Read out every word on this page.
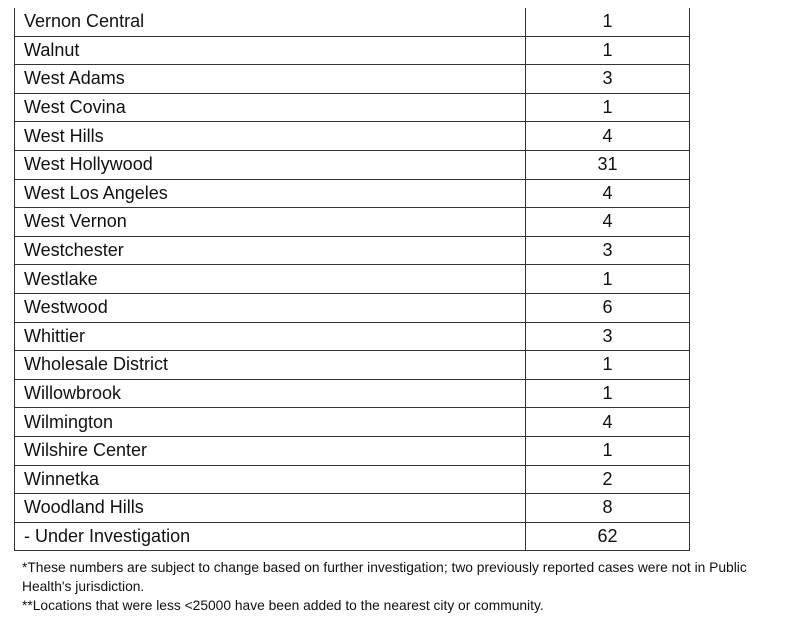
Vernon Central	1
Walnut	1
West Adams	3
West Covina	1
West Hills	4
West Hollywood	31
West Los Angeles	4
West Vernon	4
Westchester	3
Westlake	1
Westwood	6
Whittier	3
Wholesale District	1
Willowbrook	1
Wilmington	4
Wilshire Center	1
Winnetka	2
Woodland Hills	8
- Under Investigation	62

*These numbers are subject to change based on further investigation; two previously reported cases were not in Public Health's jurisdiction.

**Locations that were less <25000 have been added to the nearest city or community.
